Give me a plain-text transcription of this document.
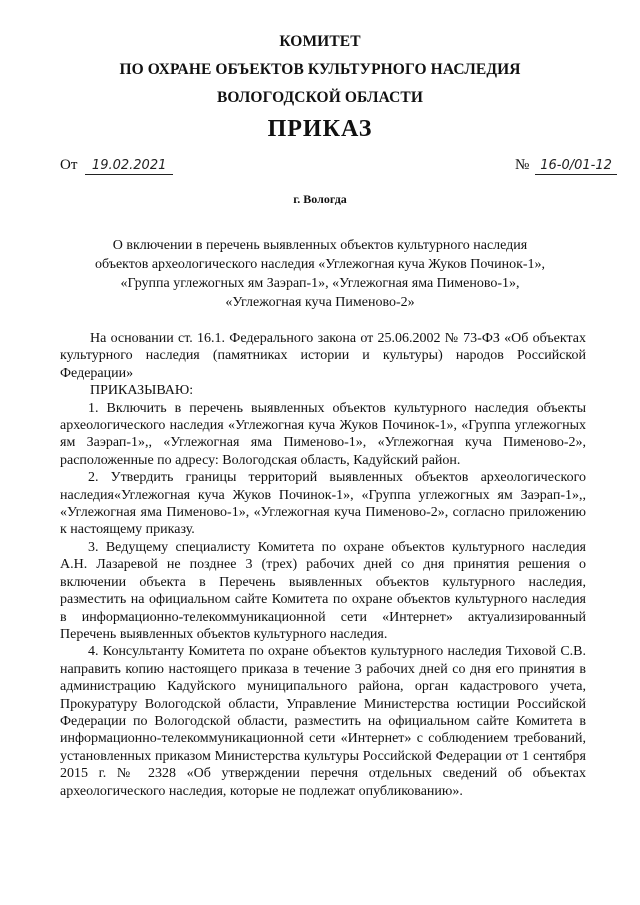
КОМИТЕТ
ПО ОХРАНЕ ОБЪЕКТОВ КУЛЬТУРНОГО НАСЛЕДИЯ
ВОЛОГОДСКОЙ ОБЛАСТИ
ПРИКАЗ
От 19.02.2021	№ 16-0/01-12
г. Вологда
О включении в перечень выявленных объектов культурного наследия
объектов археологического наследия «Углежогная куча Жуков Починок-1»,
«Группа углежогных ям Заэрап-1», «Углежогная яма Пименово-1»,
«Углежогная куча Пименово-2»

На основании ст. 16.1. Федерального закона от 25.06.2002 № 73-ФЗ «Об объектах культурного наследия (памятниках истории и культуры) народов Российской Федерации»

ПРИКАЗЫВАЮ:

1. Включить в перечень выявленных объектов культурного наследия объекты археологического наследия «Углежогная куча Жуков Починок-1», «Группа углежогных ям Заэрап-1»,, «Углежогная яма Пименово-1», «Углежогная куча Пименово-2», расположенные по адресу: Вологодская область, Кадуйский район.

2. Утвердить границы территорий выявленных объектов археологического наследия«Углежогная куча Жуков Починок-1», «Группа углежогных ям Заэрап-1»,, «Углежогная яма Пименово-1», «Углежогная куча Пименово-2», согласно приложению к настоящему приказу.

3. Ведущему специалисту Комитета по охране объектов культурного наследия А.Н. Лазаревой не позднее 3 (трех) рабочих дней со дня принятия решения о включении объекта в Перечень выявленных объектов культурного наследия, разместить на официальном сайте Комитета по охране объектов культурного наследия в информационно-телекоммуникационной сети «Интернет» актуализированный Перечень выявленных объектов культурного наследия.

4. Консультанту Комитета по охране объектов культурного наследия Тиховой С.В. направить копию настоящего приказа в течение 3 рабочих дней со дня его принятия в администрацию Кадуйского муниципального района, орган кадастрового учета, Прокуратуру Вологодской области, Управление Министерства юстиции Российской Федерации по Вологодской области, разместить на официальном сайте Комитета в информационно-телекоммуникационной сети «Интернет» с соблюдением требований, установленных приказом Министерства культуры Российской Федерации от 1 сентября 2015 г. № 2328 «Об утверждении перечня отдельных сведений об объектах археологического наследия, которые не подлежат опубликованию».
